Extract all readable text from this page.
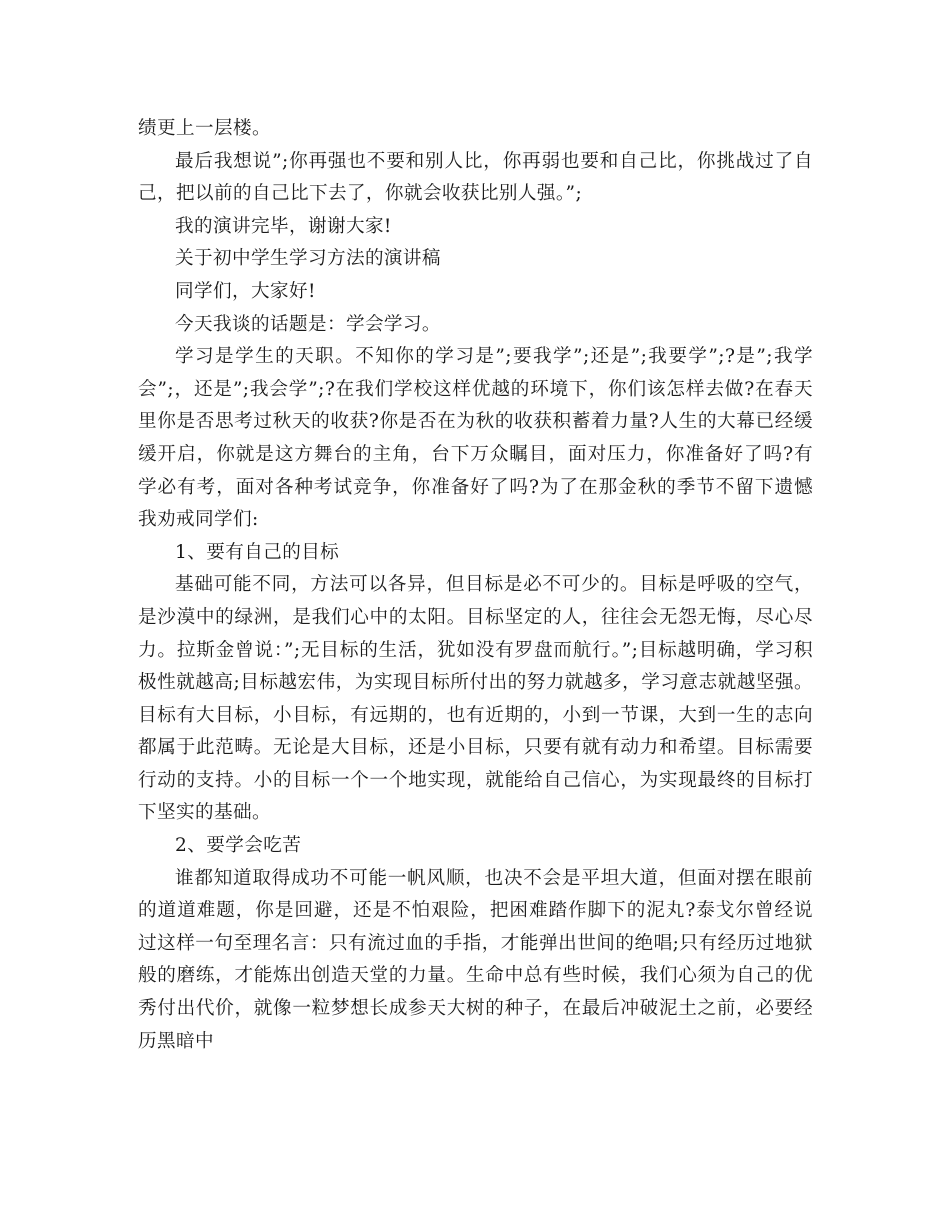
绩更上一层楼。

最后我想说”;你再强也不要和别人比，你再弱也要和自己比，你挑战过了自己，把以前的自己比下去了，你就会收获比别人强。”;

我的演讲完毕，谢谢大家!

关于初中学生学习方法的演讲稿

同学们，大家好!

今天我谈的话题是：学会学习。

学习是学生的天职。不知你的学习是”;要我学”;还是”;我要学”;?是”;我学会”;，还是”;我会学”;?在我们学校这样优越的环境下，你们该怎样去做?在春天里你是否思考过秋天的收获?你是否在为秋的收获积蓄着力量?人生的大幕已经缓缓开启，你就是这方舞台的主角，台下万众瞩目，面对压力，你准备好了吗?有学必有考，面对各种考试竞争，你准备好了吗?为了在那金秋的季节不留下遗憾我劝戒同学们:

1、要有自己的目标

基础可能不同，方法可以各异，但目标是必不可少的。目标是呼吸的空气，是沙漠中的绿洲，是我们心中的太阳。目标坚定的人，往往会无怨无悔，尽心尽力。拉斯金曾说：”;无目标的生活，犹如没有罗盘而航行。”;目标越明确，学习积极性就越高;目标越宏伟，为实现目标所付出的努力就越多，学习意志就越坚强。目标有大目标，小目标，有远期的，也有近期的，小到一节课，大到一生的志向都属于此范畴。无论是大目标，还是小目标，只要有就有动力和希望。目标需要行动的支持。小的目标一个一个地实现，就能给自己信心，为实现最终的目标打下坚实的基础。

2、要学会吃苦

谁都知道取得成功不可能一帆风顺，也决不会是平坦大道，但面对摆在眼前的道道难题，你是回避，还是不怕艰险，把困难踏作脚下的泥丸?泰戈尔曾经说过这样一句至理名言：只有流过血的手指，才能弹出世间的绝唱;只有经历过地狱般的磨练，才能炼出创造天堂的力量。生命中总有些时候，我们心须为自己的优秀付出代价，就像一粒梦想长成参天大树的种子，在最后冲破泥土之前，必要经历黑暗中
